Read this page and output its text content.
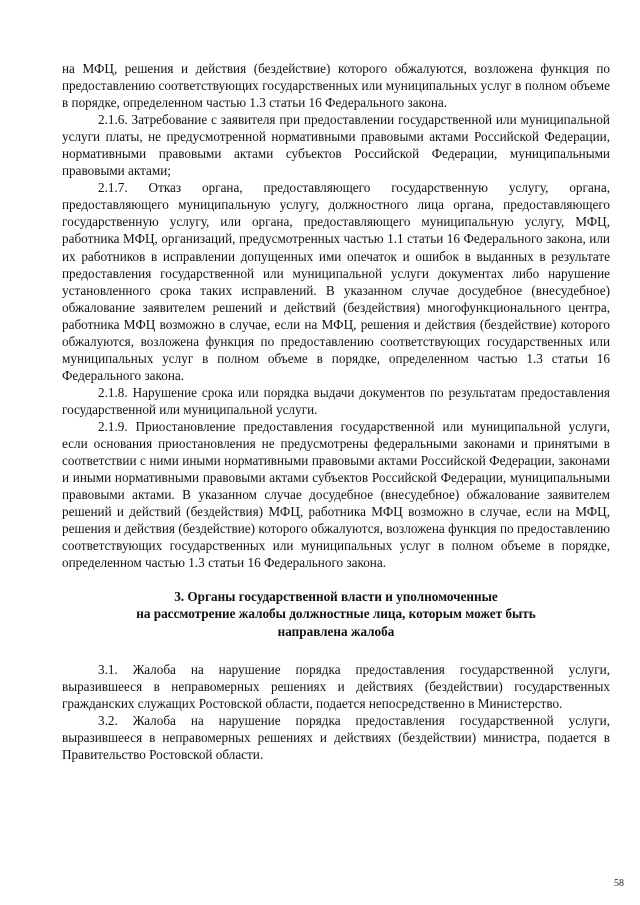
на МФЦ, решения и действия (бездействие) которого обжалуются, возложена функция по предоставлению соответствующих государственных или муниципальных услуг в полном объеме в порядке, определенном частью 1.3 статьи 16 Федерального закона.

2.1.6. Затребование с заявителя при предоставлении государственной или муниципальной услуги платы, не предусмотренной нормативными правовыми актами Российской Федерации, нормативными правовыми актами субъектов Российской Федерации, муниципальными правовыми актами;

2.1.7. Отказ органа, предоставляющего государственную услугу, органа, предоставляющего муниципальную услугу, должностного лица органа, предоставляющего государственную услугу, или органа, предоставляющего муниципальную услугу, МФЦ, работника МФЦ, организаций, предусмотренных частью 1.1 статьи 16 Федерального закона, или их работников в исправлении допущенных ими опечаток и ошибок в выданных в результате предоставления государственной или муниципальной услуги документах либо нарушение установленного срока таких исправлений. В указанном случае досудебное (внесудебное) обжалование заявителем решений и действий (бездействия) многофункционального центра, работника МФЦ возможно в случае, если на МФЦ, решения и действия (бездействие) которого обжалуются, возложена функция по предоставлению соответствующих государственных или муниципальных услуг в полном объеме в порядке, определенном частью 1.3 статьи 16 Федерального закона.

2.1.8. Нарушение срока или порядка выдачи документов по результатам предоставления государственной или муниципальной услуги.

2.1.9. Приостановление предоставления государственной или муниципальной услуги, если основания приостановления не предусмотрены федеральными законами и принятыми в соответствии с ними иными нормативными правовыми актами Российской Федерации, законами и иными нормативными правовыми актами субъектов Российской Федерации, муниципальными правовыми актами. В указанном случае досудебное (внесудебное) обжалование заявителем решений и действий (бездействия) МФЦ, работника МФЦ возможно в случае, если на МФЦ, решения и действия (бездействие) которого обжалуются, возложена функция по предоставлению соответствующих государственных или муниципальных услуг в полном объеме в порядке, определенном частью 1.3 статьи 16 Федерального закона.

3. Органы государственной власти и уполномоченные

на рассмотрение жалобы должностные лица, которым может быть

направлена жалоба

3.1. Жалоба на нарушение порядка предоставления государственной услуги, выразившееся в неправомерных решениях и действиях (бездействии) государственных гражданских служащих Ростовской области, подается непосредственно в Министерство.

3.2. Жалоба на нарушение порядка предоставления государственной услуги, выразившееся в неправомерных решениях и действиях (бездействии) министра, подается в Правительство Ростовской области.

58
